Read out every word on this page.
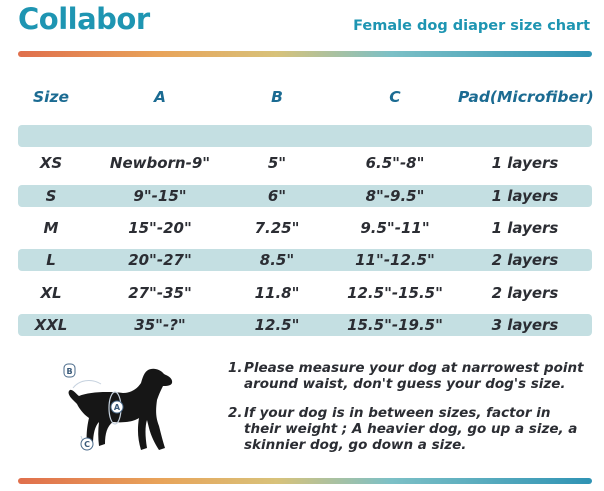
Collabor	Female dog diaper size chart
Size	A	B	C	Pad(Microfiber)
XS	Newborn-9"	5"	6.5"-8"	1 layers
S	9"-15"	6"	8"-9.5"	1 layers
M	15"-20"	7.25"	9.5"-11"	1 layers
L	20"-27"	8.5"	11"-12.5"	2 layers
XL	27"-35"	11.8"	12.5"-15.5"	2 layers
XXL	35"-?"	12.5"	15.5"-19.5"	3 layers
B
A
C
1. Please measure your dog at narrowest point around waist, don't guess your dog's size.
2. If your dog is in between sizes, factor in their weight ; A heavier dog, go up a size, a skinnier dog, go down a size.
